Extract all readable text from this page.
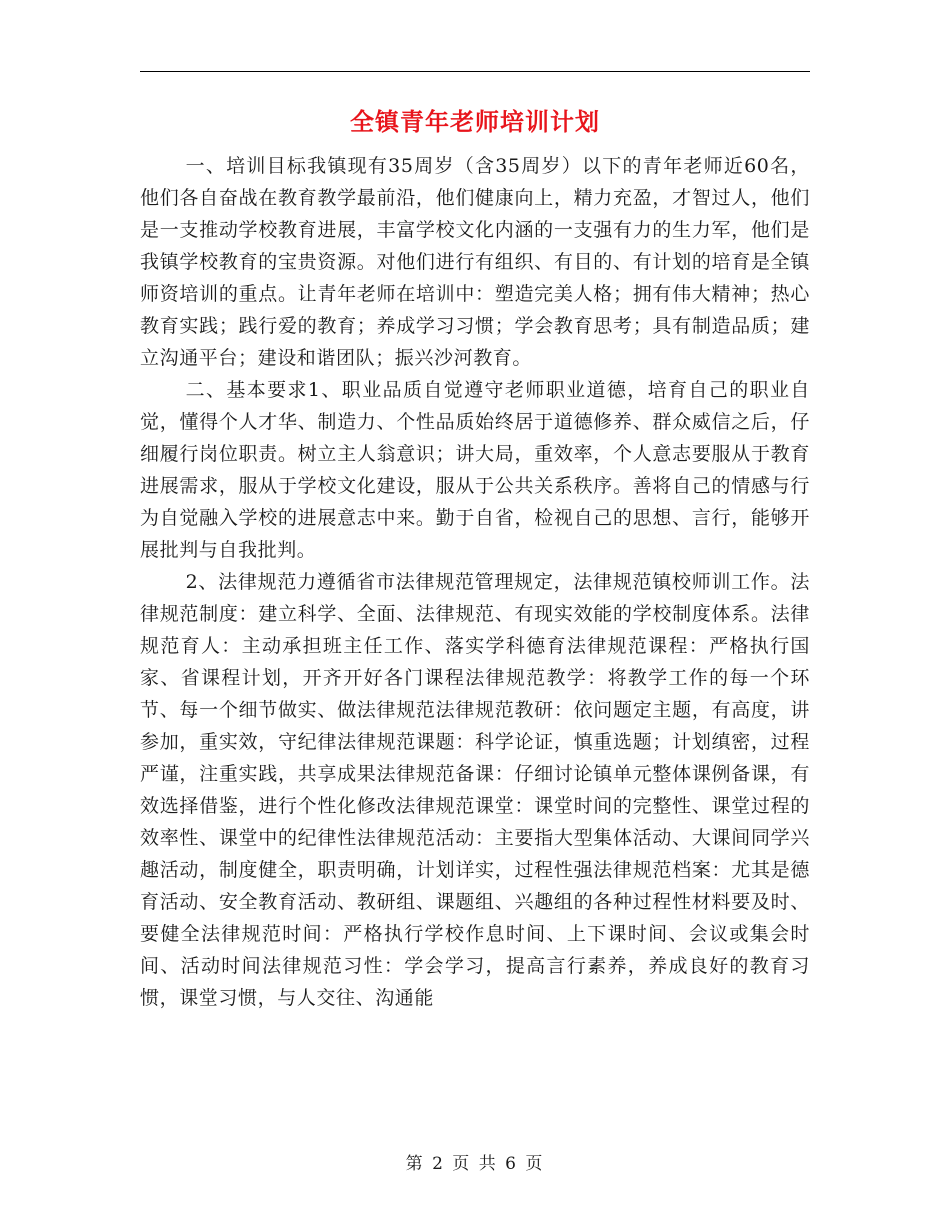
全镇青年老师培训计划

一、培训目标我镇现有35周岁（含35周岁）以下的青年老师近60名，他们各自奋战在教育教学最前沿，他们健康向上，精力充盈，才智过人，他们是一支推动学校教育进展，丰富学校文化内涵的一支强有力的生力军，他们是我镇学校教育的宝贵资源。对他们进行有组织、有目的、有计划的培育是全镇师资培训的重点。让青年老师在培训中：塑造完美人格；拥有伟大精神；热心教育实践；践行爱的教育；养成学习习惯；学会教育思考；具有制造品质；建立沟通平台；建设和谐团队；振兴沙河教育。

二、基本要求1、职业品质自觉遵守老师职业道德，培育自己的职业自觉，懂得个人才华、制造力、个性品质始终居于道德修养、群众威信之后，仔细履行岗位职责。树立主人翁意识；讲大局，重效率，个人意志要服从于教育进展需求，服从于学校文化建设，服从于公共关系秩序。善将自己的情感与行为自觉融入学校的进展意志中来。勤于自省，检视自己的思想、言行，能够开展批判与自我批判。

2、法律规范力遵循省市法律规范管理规定，法律规范镇校师训工作。法律规范制度：建立科学、全面、法律规范、有现实效能的学校制度体系。法律规范育人：主动承担班主任工作、落实学科德育法律规范课程：严格执行国家、省课程计划，开齐开好各门课程法律规范教学：将教学工作的每一个环节、每一个细节做实、做法律规范法律规范教研：依问题定主题，有高度，讲参加，重实效，守纪律法律规范课题：科学论证，慎重选题；计划缜密，过程严谨，注重实践，共享成果法律规范备课：仔细讨论镇单元整体课例备课，有效选择借鉴，进行个性化修改法律规范课堂：课堂时间的完整性、课堂过程的效率性、课堂中的纪律性法律规范活动：主要指大型集体活动、大课间同学兴趣活动，制度健全，职责明确，计划详实，过程性强法律规范档案：尤其是德育活动、安全教育活动、教研组、课题组、兴趣组的各种过程性材料要及时、要健全法律规范时间：严格执行学校作息时间、上下课时间、会议或集会时间、活动时间法律规范习性：学会学习，提高言行素养，养成良好的教育习惯，课堂习惯，与人交往、沟通能

第 2 页 共 6 页
